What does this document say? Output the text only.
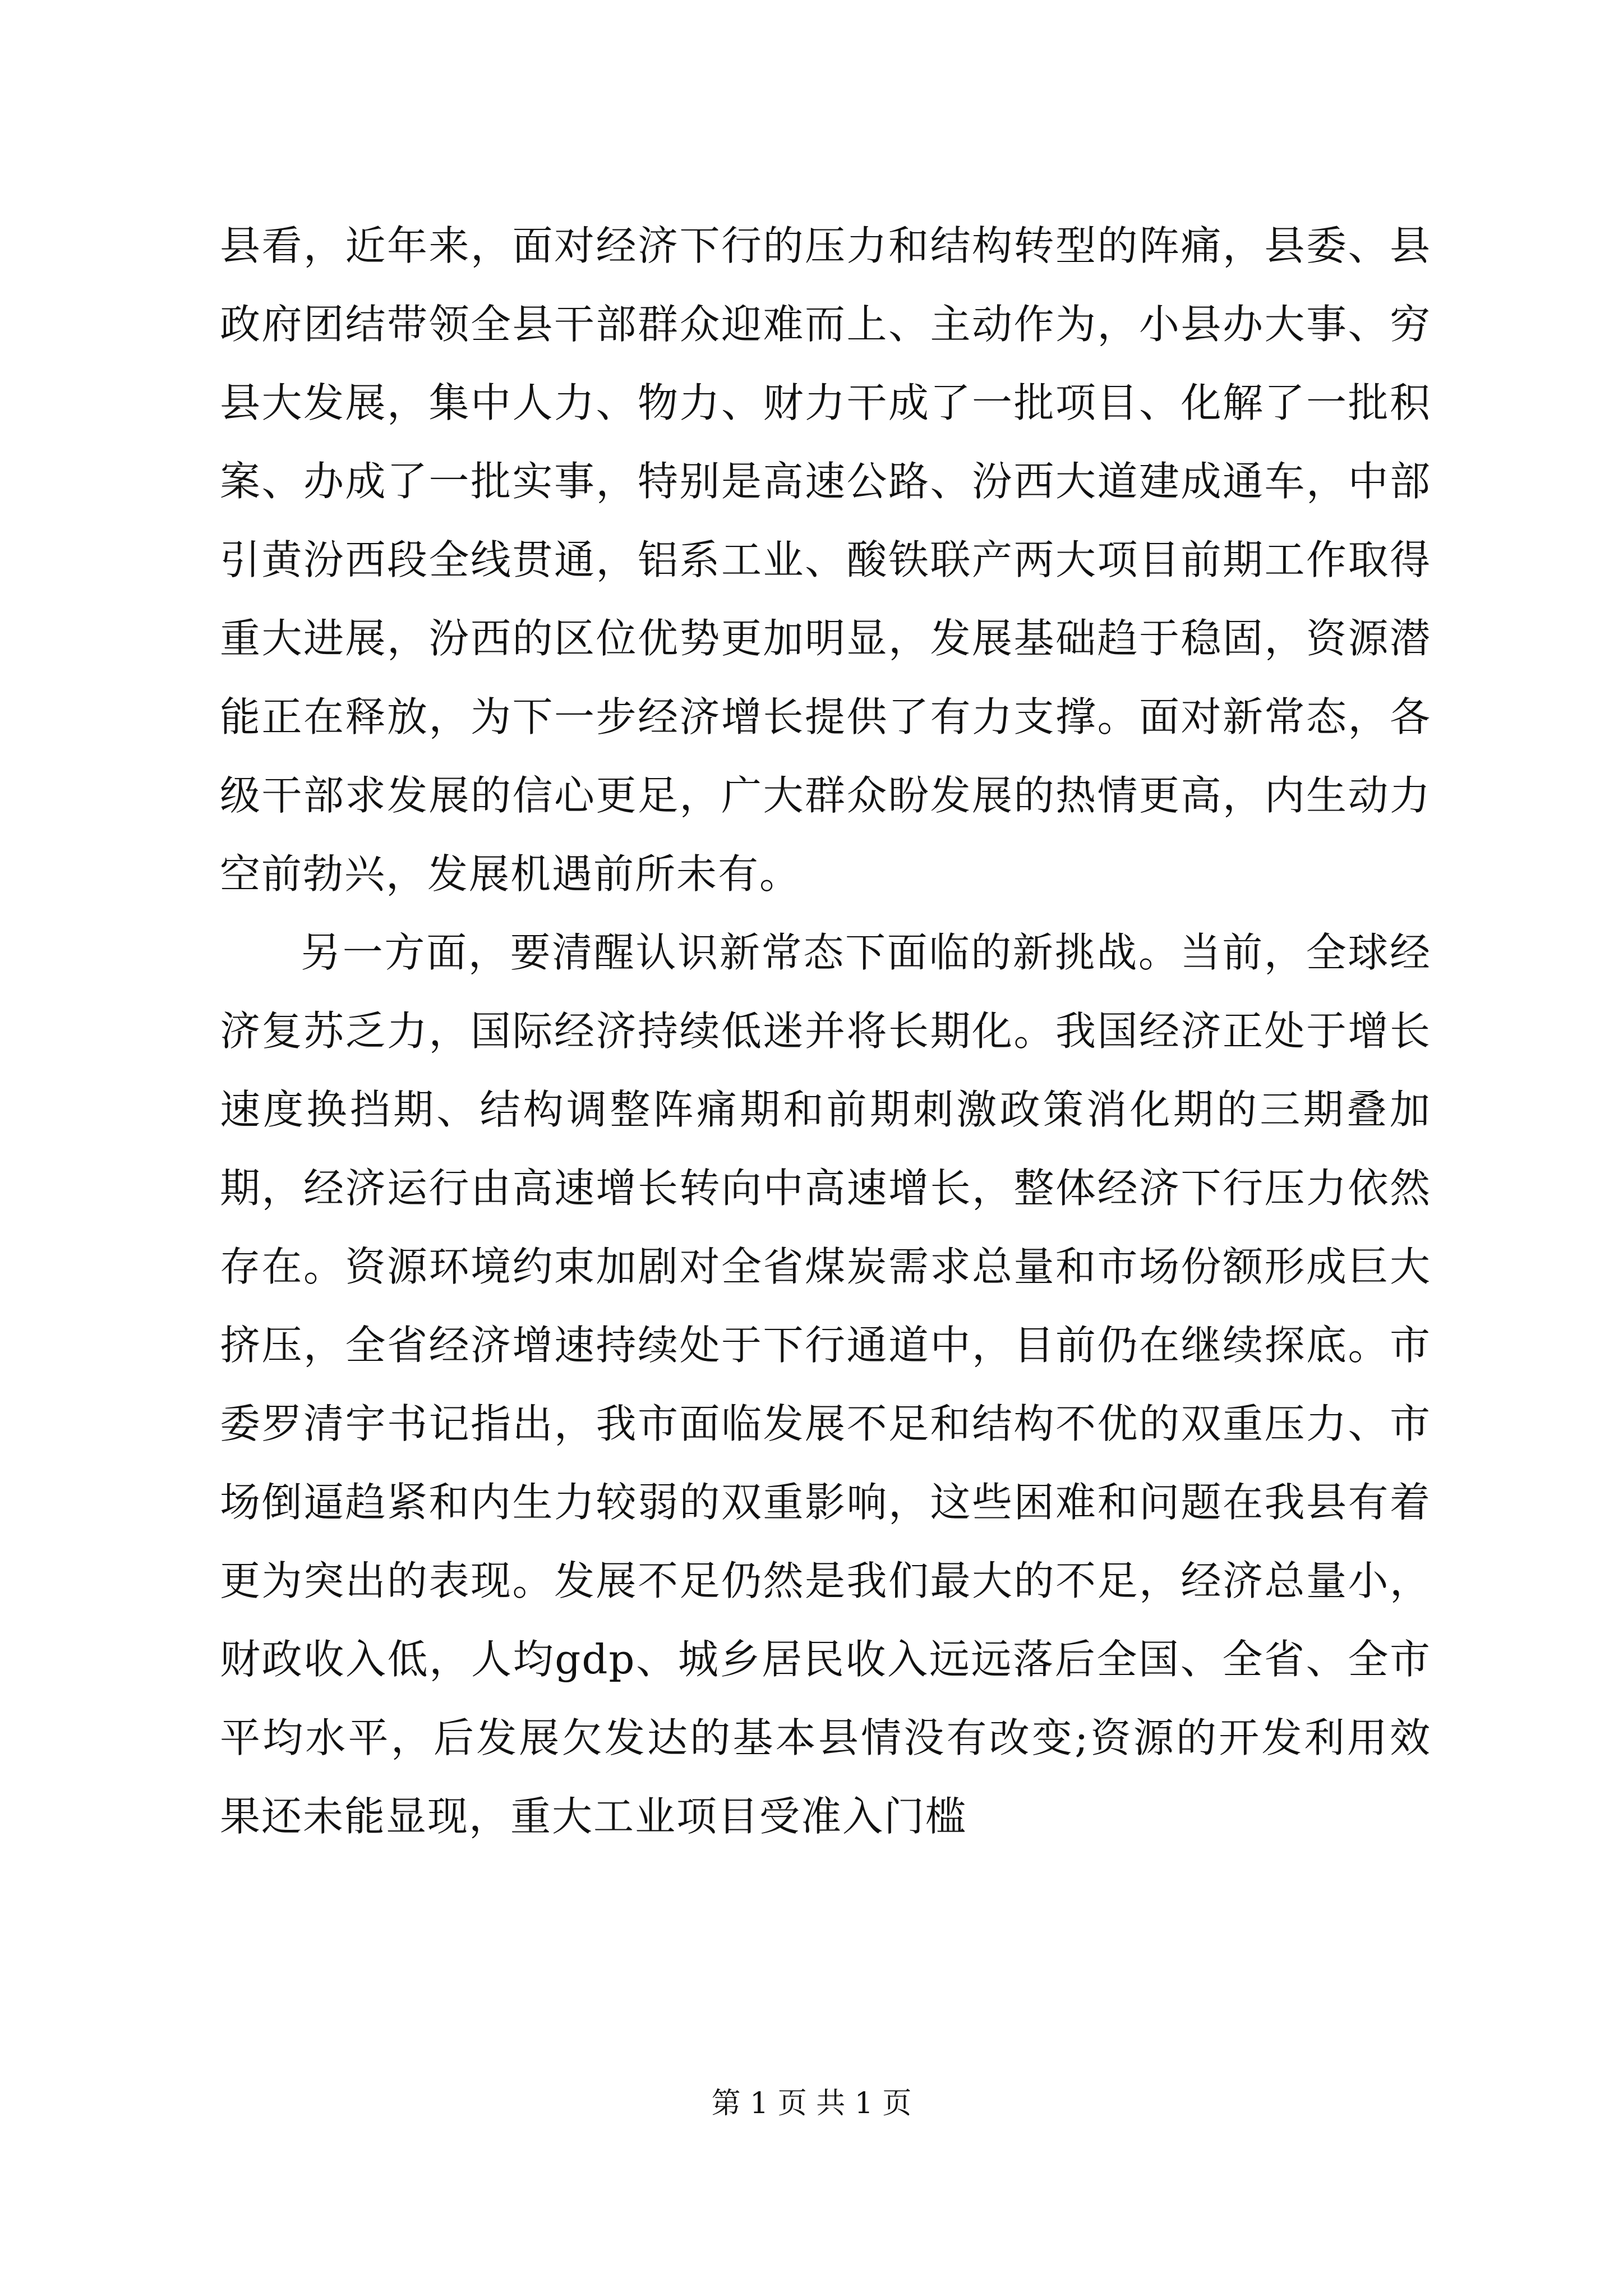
县看，近年来，面对经济下行的压力和结构转型的阵痛，县委、县政府团结带领全县干部群众迎难而上、主动作为，小县办大事、穷县大发展，集中人力、物力、财力干成了一批项目、化解了一批积案、办成了一批实事，特别是高速公路、汾西大道建成通车，中部引黄汾西段全线贯通，铝系工业、酸铁联产两大项目前期工作取得重大进展，汾西的区位优势更加明显，发展基础趋于稳固，资源潜能正在释放，为下一步经济增长提供了有力支撑。面对新常态，各级干部求发展的信心更足，广大群众盼发展的热情更高，内生动力空前勃兴，发展机遇前所未有。

另一方面，要清醒认识新常态下面临的新挑战。当前，全球经济复苏乏力，国际经济持续低迷并将长期化。我国经济正处于增长速度换挡期、结构调整阵痛期和前期刺激政策消化期的三期叠加期，经济运行由高速增长转向中高速增长，整体经济下行压力依然存在。资源环境约束加剧对全省煤炭需求总量和市场份额形成巨大挤压，全省经济增速持续处于下行通道中，目前仍在继续探底。市委罗清宇书记指出，我市面临发展不足和结构不优的双重压力、市场倒逼趋紧和内生力较弱的双重影响，这些困难和问题在我县有着更为突出的表现。发展不足仍然是我们最大的不足，经济总量小，财政收入低，人均gdp、城乡居民收入远远落后全国、全省、全市平均水平，后发展欠发达的基本县情没有改变;资源的开发利用效果还未能显现，重大工业项目受准入门槛

第 1 页 共 1 页
